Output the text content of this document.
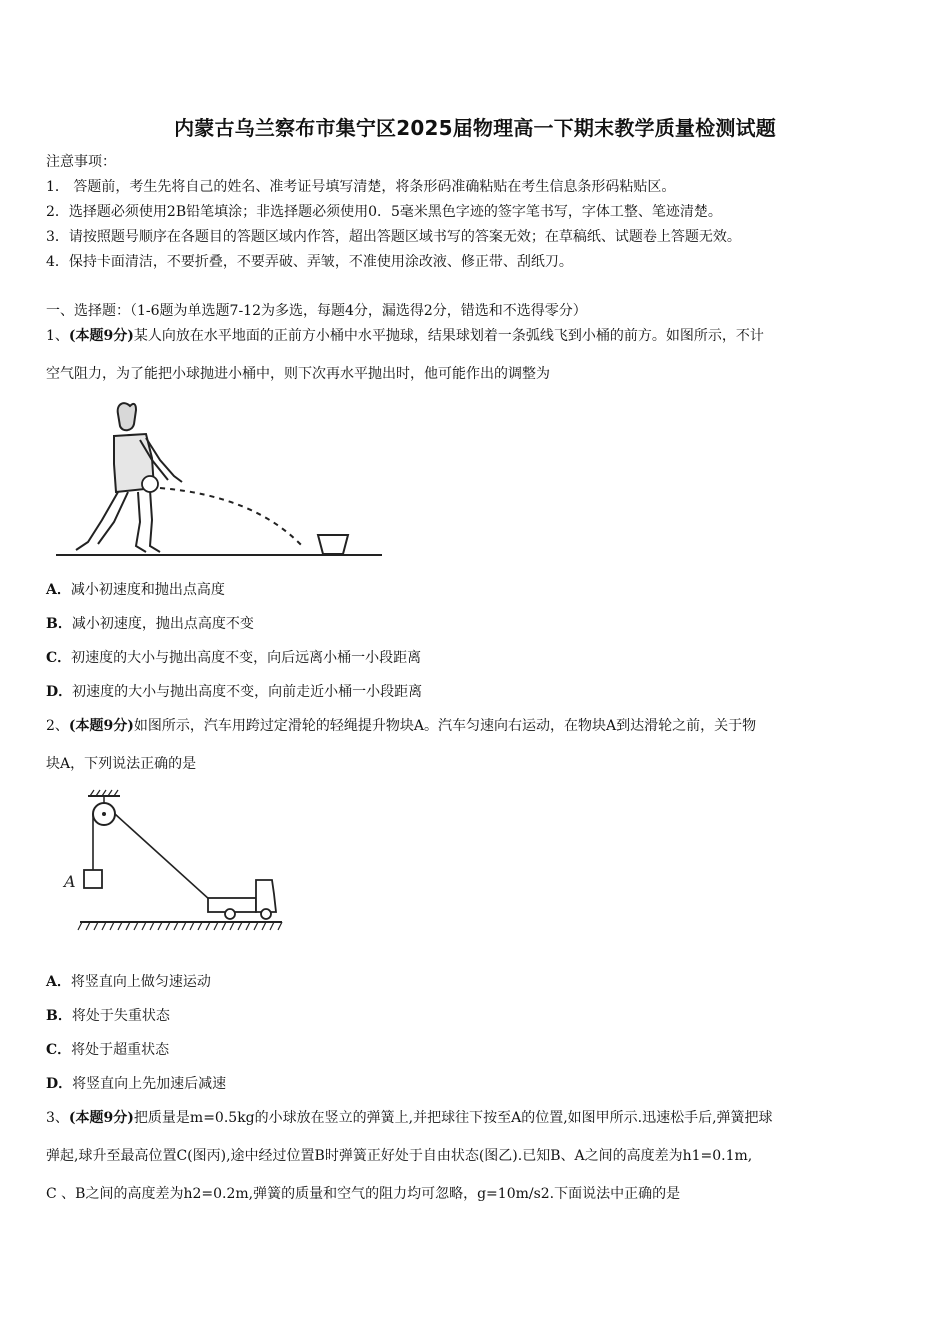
内蒙古乌兰察布市集宁区2025届物理高一下期末教学质量检测试题
注意事项：
1． 答题前，考生先将自己的姓名、准考证号填写清楚，将条形码准确粘贴在考生信息条形码粘贴区。
2．选择题必须使用2B铅笔填涂；非选择题必须使用0．5毫米黑色字迹的签字笔书写，字体工整、笔迹清楚。
3．请按照题号顺序在各题目的答题区域内作答，超出答题区域书写的答案无效；在草稿纸、试题卷上答题无效。
4．保持卡面清洁，不要折叠，不要弄破、弄皱，不准使用涂改液、修正带、刮纸刀。
一、选择题：（1-6题为单选题7-12为多选，每题4分，漏选得2分，错选和不选得零分）
1、(本题9分)某人向放在水平地面的正前方小桶中水平抛球，结果球划着一条弧线飞到小桶的前方。如图所示，不计
空气阻力，为了能把小球抛进小桶中，则下次再水平抛出时，他可能作出的调整为
A．减小初速度和抛出点高度
B．减小初速度，抛出点高度不变
C．初速度的大小与抛出高度不变，向后远离小桶一小段距离
D．初速度的大小与抛出高度不变，向前走近小桶一小段距离
2、(本题9分)如图所示，汽车用跨过定滑轮的轻绳提升物块A。汽车匀速向右运动，在物块A到达滑轮之前，关于物
块A，下列说法正确的是
A
A．将竖直向上做匀速运动
B．将处于失重状态
C．将处于超重状态
D．将竖直向上先加速后减速
3、(本题9分)把质量是m=0.5kg的小球放在竖立的弹簧上,并把球往下按至A的位置,如图甲所示.迅速松手后,弹簧把球
弹起,球升至最高位置C(图丙),途中经过位置B时弹簧正好处于自由状态(图乙).已知B、A之间的高度差为h1=0.1m,
C 、B之间的高度差为h2=0.2m,弹簧的质量和空气的阻力均可忽略，g=10m/s2.下面说法中正确的是
